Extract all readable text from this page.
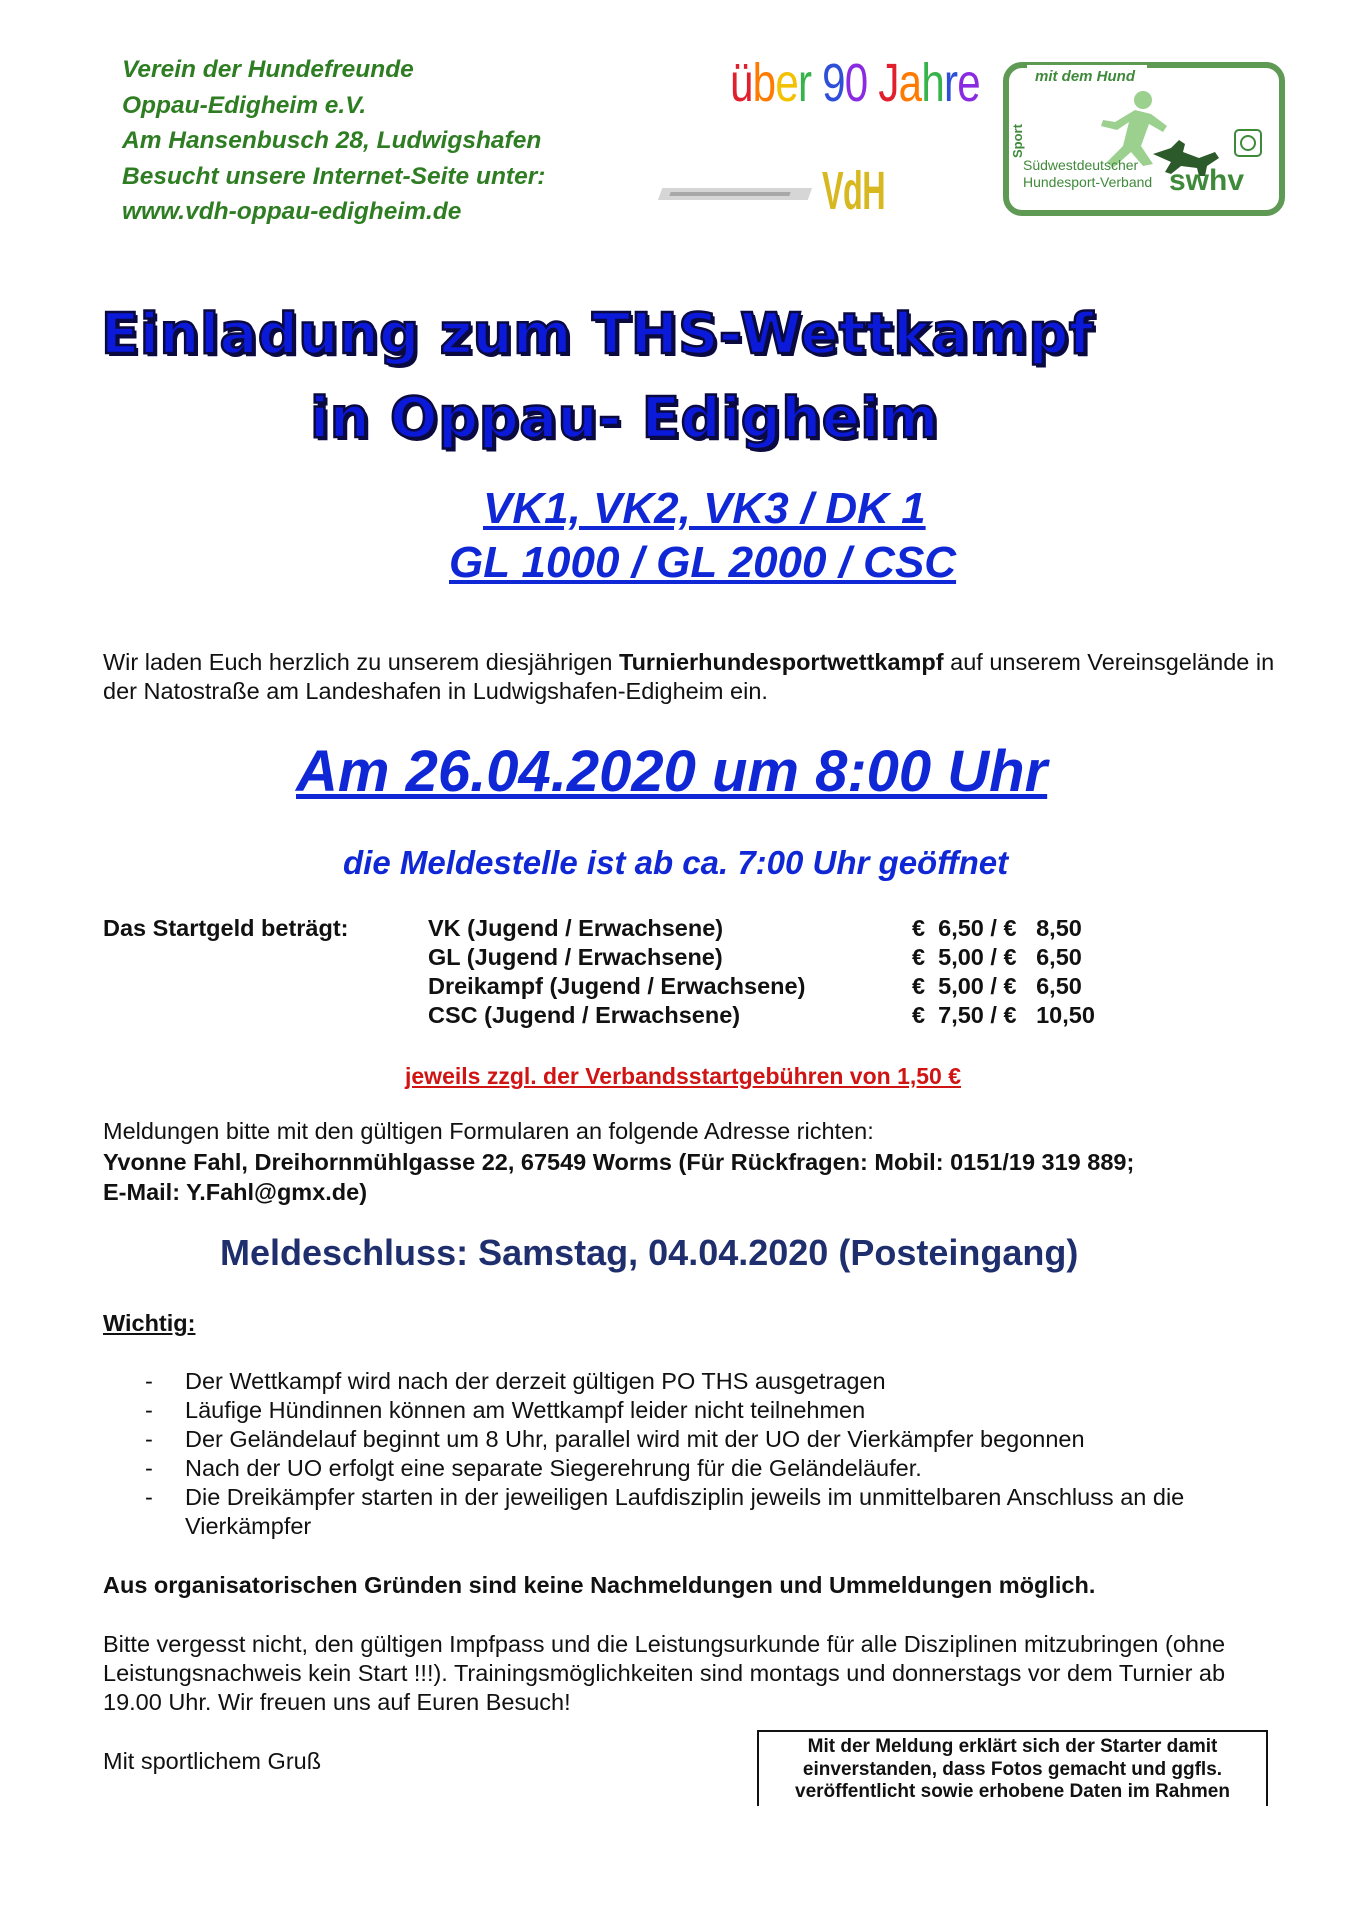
Verein der Hundefreunde
Oppau-Edigheim e.V.
Am Hansenbusch 28, Ludwigshafen
Besucht unsere Internet-Seite unter:
www.vdh-oppau-edigheim.de
über 90 Jahre
VdH
mit dem Hund
Sport
Südwestdeutscher
Hundesport-Verband swhv
Einladung zum THS-Wettkampf
in Oppau- Edigheim
VK1, VK2, VK3 / DK 1
GL 1000 / GL 2000 / CSC
Wir laden Euch herzlich zu unserem diesjährigen Turnierhundesportwettkampf auf unserem Vereinsgelände in der Natostraße am Landeshafen in Ludwigshafen-Edigheim ein.
Am 26.04.2020 um 8:00 Uhr
die Meldestelle ist ab ca. 7:00 Uhr geöffnet
Das Startgeld beträgt:	VK (Jugend / Erwachsene)	€  6,50 / €   8,50
GL (Jugend / Erwachsene)	€  5,00 / €   6,50
Dreikampf (Jugend / Erwachsene)	€  5,00 / €   6,50
CSC (Jugend / Erwachsene)	€  7,50 / €   10,50
jeweils zzgl. der Verbandsstartgebühren von 1,50 €
Meldungen bitte mit den gültigen Formularen an folgende Adresse richten:
Yvonne Fahl, Dreihornmühlgasse 22, 67549 Worms (Für Rückfragen: Mobil: 0151/19 319 889;
E-Mail: Y.Fahl@gmx.de)
Meldeschluss: Samstag, 04.04.2020 (Posteingang)
Wichtig:
- Der Wettkampf wird nach der derzeit gültigen PO THS ausgetragen
- Läufige Hündinnen können am Wettkampf leider nicht teilnehmen
- Der Geländelauf beginnt um 8 Uhr, parallel wird mit der UO der Vierkämpfer begonnen
- Nach der UO erfolgt eine separate Siegerehrung für die Geländeläufer.
- Die Dreikämpfer starten in der jeweiligen Laufdisziplin jeweils im unmittelbaren Anschluss an die Vierkämpfer
Aus organisatorischen Gründen sind keine Nachmeldungen und Ummeldungen möglich.
Bitte vergesst nicht, den gültigen Impfpass und die Leistungsurkunde für alle Disziplinen mitzubringen (ohne Leistungsnachweis kein Start !!!). Trainingsmöglichkeiten sind montags und donnerstags vor dem Turnier ab 19.00 Uhr. Wir freuen uns auf Euren Besuch!
Mit sportlichem Gruß
Mit der Meldung erklärt sich der Starter damit einverstanden, dass Fotos gemacht und ggfls. veröffentlicht sowie erhobene Daten im Rahmen
